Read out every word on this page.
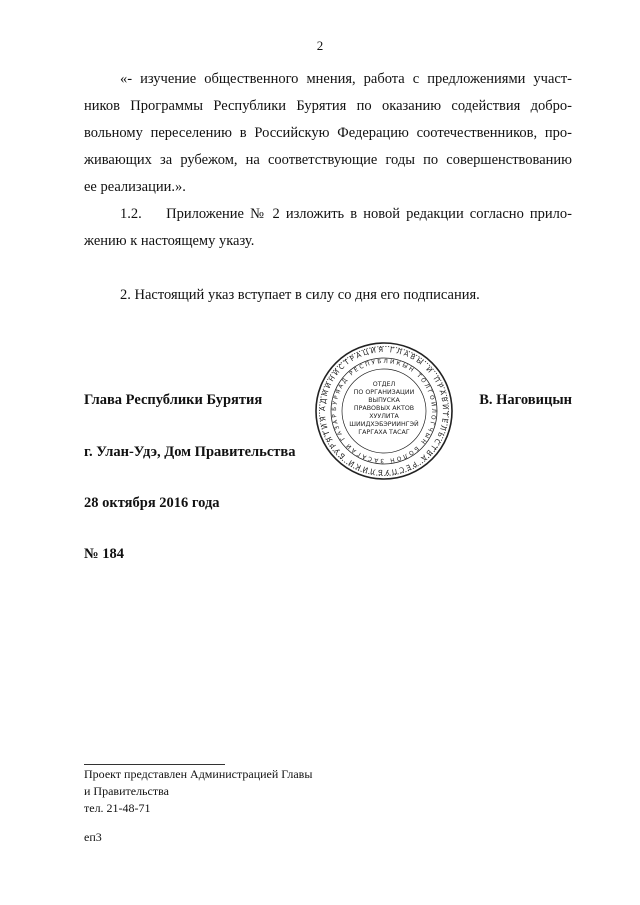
2
«- изучение общественного мнения, работа с предложениями участ-
ников Программы Республики Бурятия по оказанию содействия добро-
вольному переселению в Российскую Федерацию соотечественников, про-
живающих за рубежом, на соответствующие годы по совершенствованию
ее реализации.».
1.2.    Приложение № 2 изложить в новой редакции согласно прило-
жению к настоящему указу.
2. Настоящий указ вступает в силу со дня его подписания.
Глава Республики Бурятия	В. Наговицын
АДМИНИСТРАЦИЯ ГЛАВЫ И ПРАВИТЕЛЬСТВА РЕСПУБЛИКИ БУРЯТИЯ
БУРЯАД РЕСПУБЛИКЫН ТОЛГОЙЛОГЧЫН БОЛОН ЗАСАГАЙ ГАЗАР
ОТДЕЛ
ПО ОРГАНИЗАЦИИ
ВЫПУСКА
ПРАВОВЫХ АКТОВ
ХУУЛИТА
ШИИДХЭБЭРИИНГЭЙ
ГАРГАХА ТАСАГ
г. Улан-Удэ, Дом Правительства
28 октября 2016 года
№ 184
Проект представлен Администрацией Главы
и Правительства
тел. 21-48-71
еп3
